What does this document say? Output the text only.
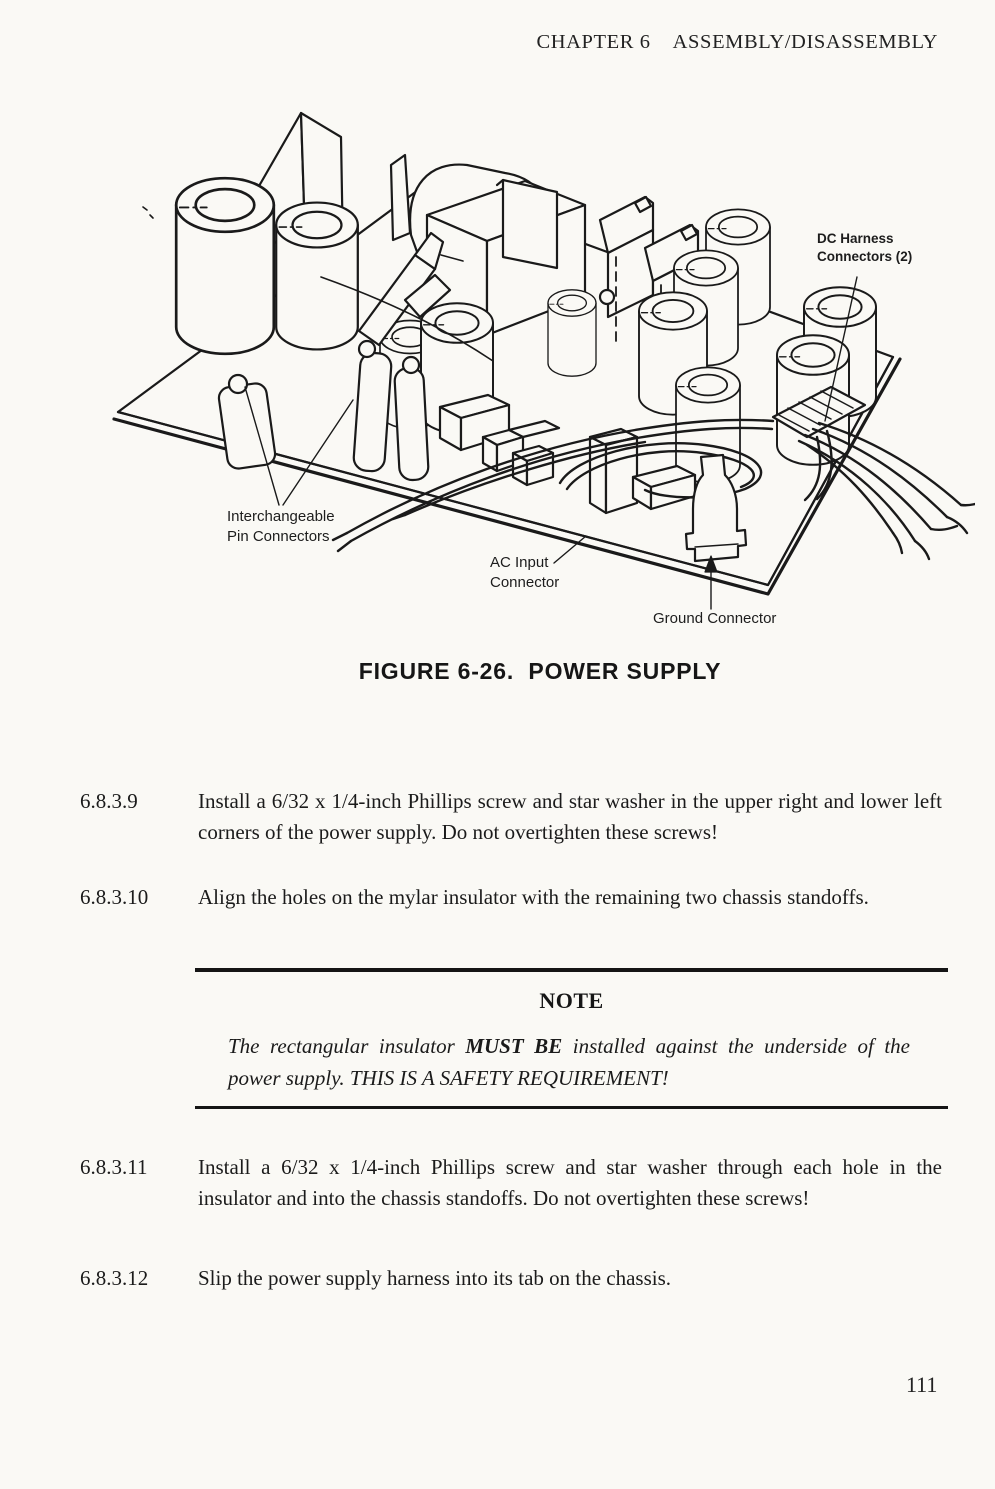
CHAPTER 6 ASSEMBLY/DISASSEMBLY
DC Harness
Connectors (2)
Interchangeable
Pin Connectors
AC Input
Connector
Ground Connector
FIGURE 6-26.  POWER SUPPLY
6.8.3.9	Install a 6/32 x 1/4-inch Phillips screw and star washer in the upper right and lower left corners of the power supply. Do not overtighten these screws!
6.8.3.10	Align the holes on the mylar insulator with the remaining two chassis standoffs.
NOTE
The rectangular insulator MUST BE installed against the underside of the power supply. THIS IS A SAFETY REQUIREMENT!
6.8.3.11	Install a 6/32 x 1/4-inch Phillips screw and star washer through each hole in the insulator and into the chassis standoffs. Do not overtighten these screws!
6.8.3.12	Slip the power supply harness into its tab on the chassis.
111
